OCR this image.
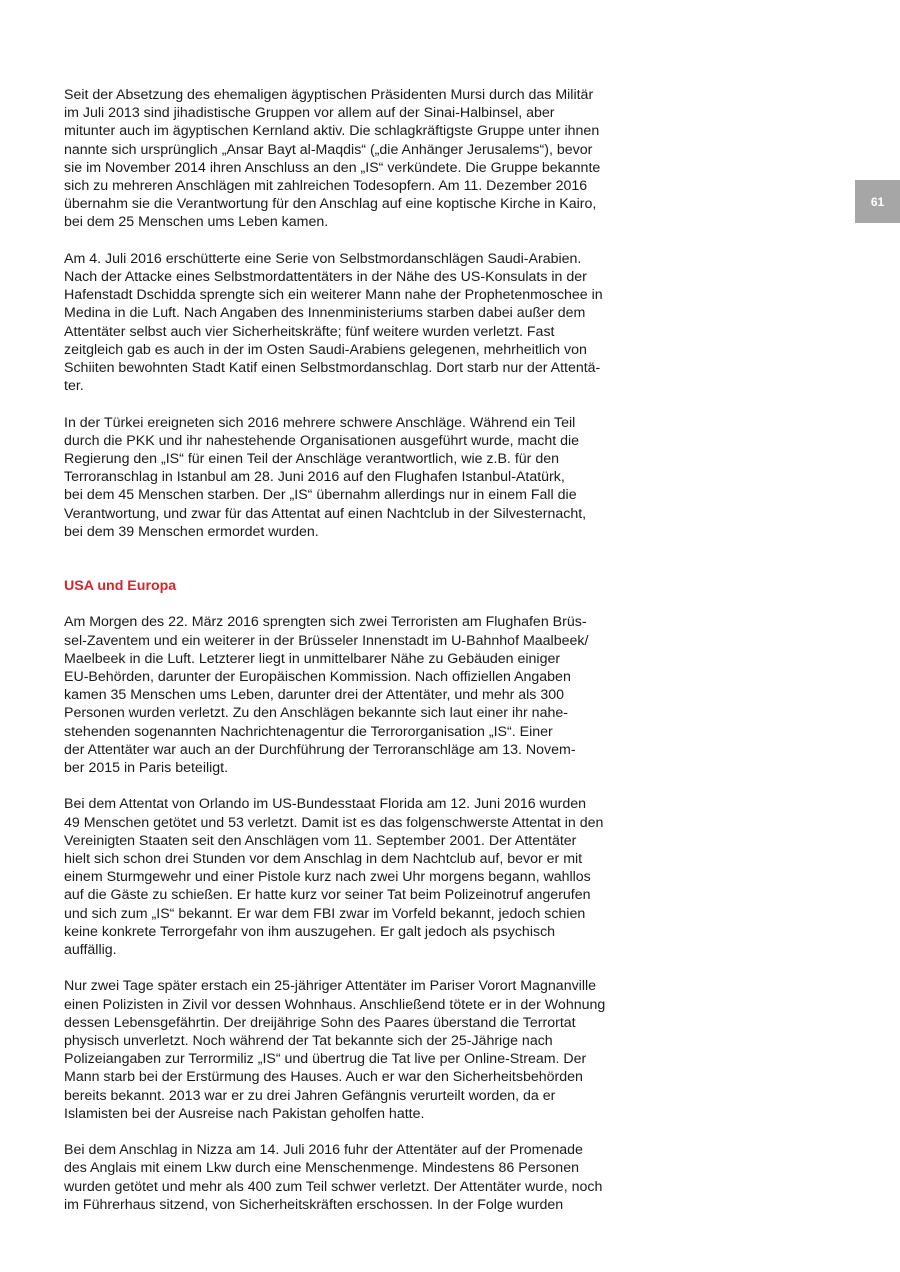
Seit der Absetzung des ehemaligen ägyptischen Präsidenten Mursi durch das Militär
im Juli 2013 sind jihadistische Gruppen vor allem auf der Sinai-Halbinsel, aber
mitunter auch im ägyptischen Kernland aktiv. Die schlagkräftigste Gruppe unter ihnen
nannte sich ursprünglich „Ansar Bayt al-Maqdis“ („die Anhänger Jerusalems“), bevor
sie im November 2014 ihren Anschluss an den „IS“ verkündete. Die Gruppe bekannte
sich zu mehreren Anschlägen mit zahlreichen Todesopfern. Am 11. Dezember 2016
übernahm sie die Verantwortung für den Anschlag auf eine koptische Kirche in Kairo,
bei dem 25 Menschen ums Leben kamen.

Am 4. Juli 2016 erschütterte eine Serie von Selbstmordanschlägen Saudi-Arabien.
Nach der Attacke eines Selbstmordattentäters in der Nähe des US-Konsulats in der
Hafenstadt Dschidda sprengte sich ein weiterer Mann nahe der Prophetenmoschee in
Medina in die Luft. Nach Angaben des Innenministeriums starben dabei außer dem
Attentäter selbst auch vier Sicherheitskräfte; fünf weitere wurden verletzt. Fast
zeitgleich gab es auch in der im Osten Saudi-Arabiens gelegenen, mehrheitlich von
Schiiten bewohnten Stadt Katif einen Selbstmordanschlag. Dort starb nur der Attentä-
ter.

In der Türkei ereigneten sich 2016 mehrere schwere Anschläge. Während ein Teil
durch die PKK und ihr nahestehende Organisationen ausgeführt wurde, macht die
Regierung den „IS“ für einen Teil der Anschläge verantwortlich, wie z.B. für den
Terroranschlag in Istanbul am 28. Juni 2016 auf den Flughafen Istanbul-Atatürk,
bei dem 45 Menschen starben. Der „IS“ übernahm allerdings nur in einem Fall die
Verantwortung, und zwar für das Attentat auf einen Nachtclub in der Silvesternacht,
bei dem 39 Menschen ermordet wurden.

USA und Europa

Am Morgen des 22. März 2016 sprengten sich zwei Terroristen am Flughafen Brüs-
sel-Zaventem und ein weiterer in der Brüsseler Innenstadt im U-Bahnhof Maalbeek/
Maelbeek in die Luft. Letzterer liegt in unmittelbarer Nähe zu Gebäuden einiger
EU-Behörden, darunter der Europäischen Kommission. Nach offiziellen Angaben
kamen 35 Menschen ums Leben, darunter drei der Attentäter, und mehr als 300
Personen wurden verletzt. Zu den Anschlägen bekannte sich laut einer ihr nahe-
stehenden sogenannten Nachrichtenagentur die Terrororganisation „IS“. Einer
der Attentäter war auch an der Durchführung der Terroranschläge am 13. Novem-
ber 2015 in Paris beteiligt.

Bei dem Attentat von Orlando im US-Bundesstaat Florida am 12. Juni 2016 wurden
49 Menschen getötet und 53 verletzt. Damit ist es das folgenschwerste Attentat in den
Vereinigten Staaten seit den Anschlägen vom 11. September 2001. Der Attentäter
hielt sich schon drei Stunden vor dem Anschlag in dem Nachtclub auf, bevor er mit
einem Sturmgewehr und einer Pistole kurz nach zwei Uhr morgens begann, wahllos
auf die Gäste zu schießen. Er hatte kurz vor seiner Tat beim Polizeinotruf angerufen
und sich zum „IS“ bekannt. Er war dem FBI zwar im Vorfeld bekannt, jedoch schien
keine konkrete Terrorgefahr von ihm auszugehen. Er galt jedoch als psychisch
auffällig.

Nur zwei Tage später erstach ein 25-jähriger Attentäter im Pariser Vorort Magnanville
einen Polizisten in Zivil vor dessen Wohnhaus. Anschließend tötete er in der Wohnung
dessen Lebensgefährtin. Der dreijährige Sohn des Paares überstand die Terrortat
physisch unverletzt. Noch während der Tat bekannte sich der 25-Jährige nach
Polizeiangaben zur Terrormiliz „IS“ und übertrug die Tat live per Online-Stream. Der
Mann starb bei der Erstürmung des Hauses. Auch er war den Sicherheitsbehörden
bereits bekannt. 2013 war er zu drei Jahren Gefängnis verurteilt worden, da er
Islamisten bei der Ausreise nach Pakistan geholfen hatte.

Bei dem Anschlag in Nizza am 14. Juli 2016 fuhr der Attentäter auf der Promenade
des Anglais mit einem Lkw durch eine Menschenmenge. Mindestens 86 Personen
wurden getötet und mehr als 400 zum Teil schwer verletzt. Der Attentäter wurde, noch
im Führerhaus sitzend, von Sicherheitskräften erschossen. In der Folge wurden

61
